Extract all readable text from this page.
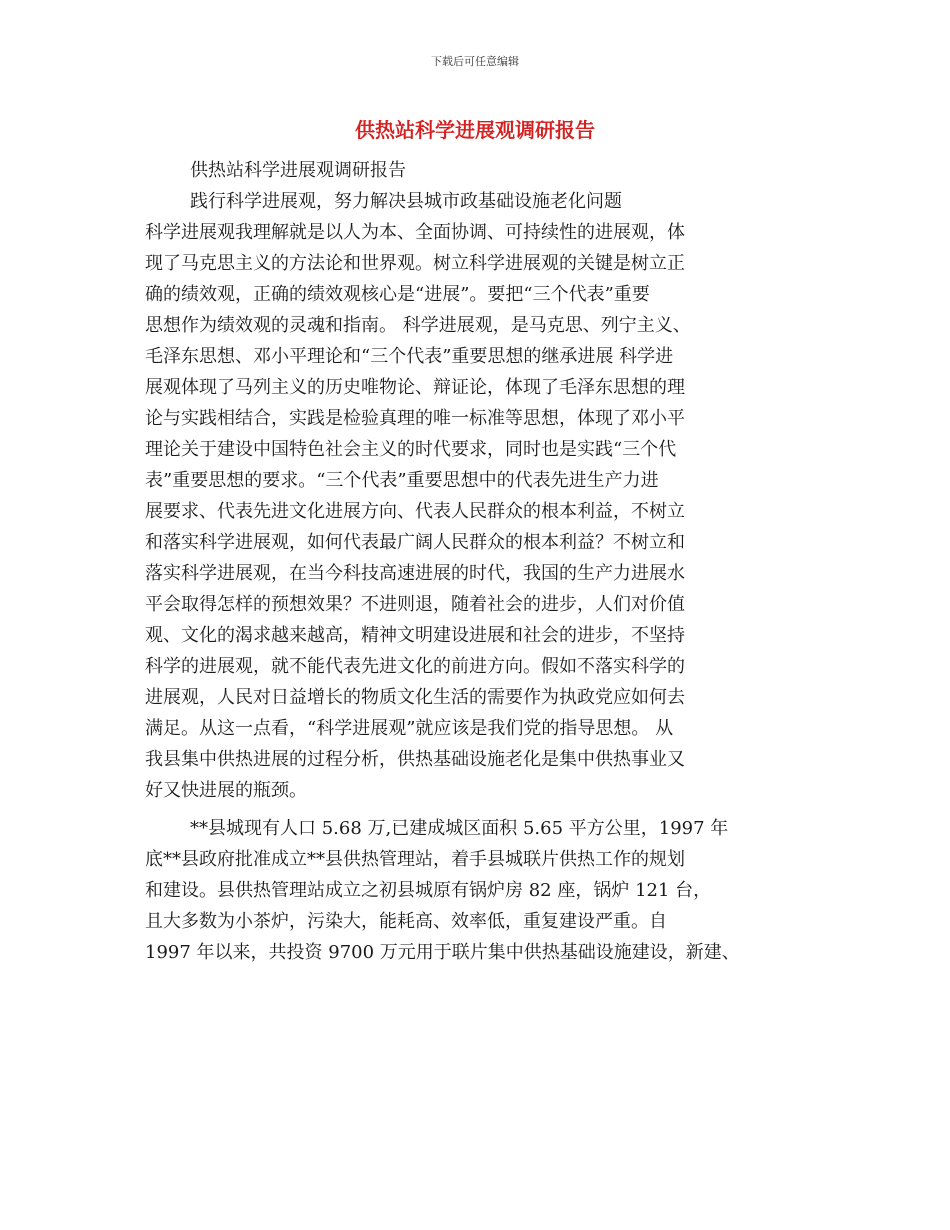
下载后可任意编辑
供热站科学进展观调研报告
供热站科学进展观调研报告
践行科学进展观，努力解决县城市政基础设施老化问题
科学进展观我理解就是以人为本、全面协调、可持续性的进展观，体
现了马克思主义的方法论和世界观。树立科学进展观的关键是树立正
确的绩效观，正确的绩效观核心是“进展”。要把“三个代表”重要
思想作为绩效观的灵魂和指南。 科学进展观，是马克思、列宁主义、
毛泽东思想、邓小平理论和“三个代表”重要思想的继承进展 科学进
展观体现了马列主义的历史唯物论、辩证论，体现了毛泽东思想的理
论与实践相结合，实践是检验真理的唯一标准等思想，体现了邓小平
理论关于建设中国特色社会主义的时代要求，同时也是实践“三个代
表”重要思想的要求。“三个代表”重要思想中的代表先进生产力进
展要求、代表先进文化进展方向、代表人民群众的根本利益，不树立
和落实科学进展观，如何代表最广阔人民群众的根本利益？不树立和
落实科学进展观，在当今科技高速进展的时代，我国的生产力进展水
平会取得怎样的预想效果？不进则退，随着社会的进步，人们对价值
观、文化的渴求越来越高，精神文明建设进展和社会的进步，不坚持
科学的进展观，就不能代表先进文化的前进方向。假如不落实科学的
进展观，人民对日益增长的物质文化生活的需要作为执政党应如何去
满足。从这一点看，“科学进展观”就应该是我们党的指导思想。 从
我县集中供热进展的过程分析，供热基础设施老化是集中供热事业又
好又快进展的瓶颈。
**县城现有人口 5.68 万,已建成城区面积 5.65 平方公里，1997 年
底**县政府批准成立**县供热管理站，着手县城联片供热工作的规划
和建设。县供热管理站成立之初县城原有锅炉房 82 座，锅炉 121 台，
且大多数为小茶炉，污染大，能耗高、效率低，重复建设严重。自
1997 年以来，共投资 9700 万元用于联片集中供热基础设施建设，新建、
